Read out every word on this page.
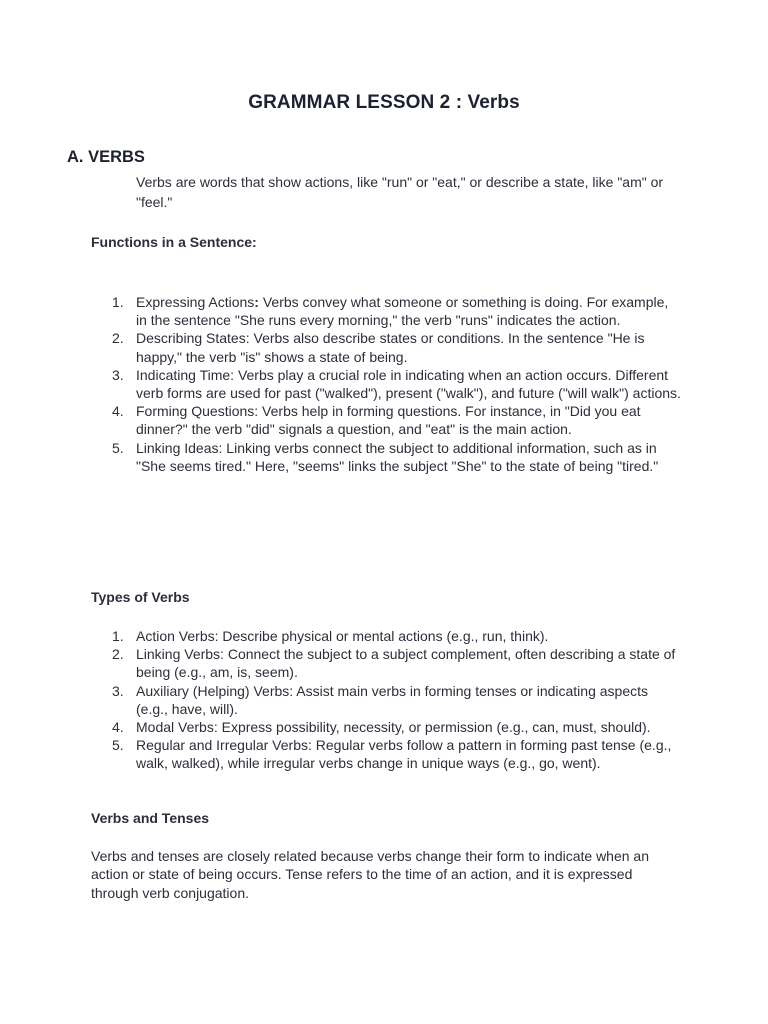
GRAMMAR LESSON 2 : Verbs
A. VERBS

Verbs are words that show actions, like "run" or "eat," or describe a state, like "am" or "feel."

Functions in a Sentence:
1. Expressing Actions: Verbs convey what someone or something is doing. For example, in the sentence "She runs every morning," the verb "runs" indicates the action.
2. Describing States: Verbs also describe states or conditions. In the sentence "He is happy," the verb "is" shows a state of being.
3. Indicating Time: Verbs play a crucial role in indicating when an action occurs. Different verb forms are used for past ("walked"), present ("walk"), and future ("will walk") actions.
4. Forming Questions: Verbs help in forming questions. For instance, in "Did you eat dinner?" the verb "did" signals a question, and "eat" is the main action.
5. Linking Ideas: Linking verbs connect the subject to additional information, such as in "She seems tired." Here, "seems" links the subject "She" to the state of being "tired."
Types of Verbs
1. Action Verbs: Describe physical or mental actions (e.g., run, think).
2. Linking Verbs: Connect the subject to a subject complement, often describing a state of being (e.g., am, is, seem).
3. Auxiliary (Helping) Verbs: Assist main verbs in forming tenses or indicating aspects (e.g., have, will).
4. Modal Verbs: Express possibility, necessity, or permission (e.g., can, must, should).
5. Regular and Irregular Verbs: Regular verbs follow a pattern in forming past tense (e.g., walk, walked), while irregular verbs change in unique ways (e.g., go, went).
Verbs and Tenses

Verbs and tenses are closely related because verbs change their form to indicate when an action or state of being occurs. Tense refers to the time of an action, and it is expressed through verb conjugation.
